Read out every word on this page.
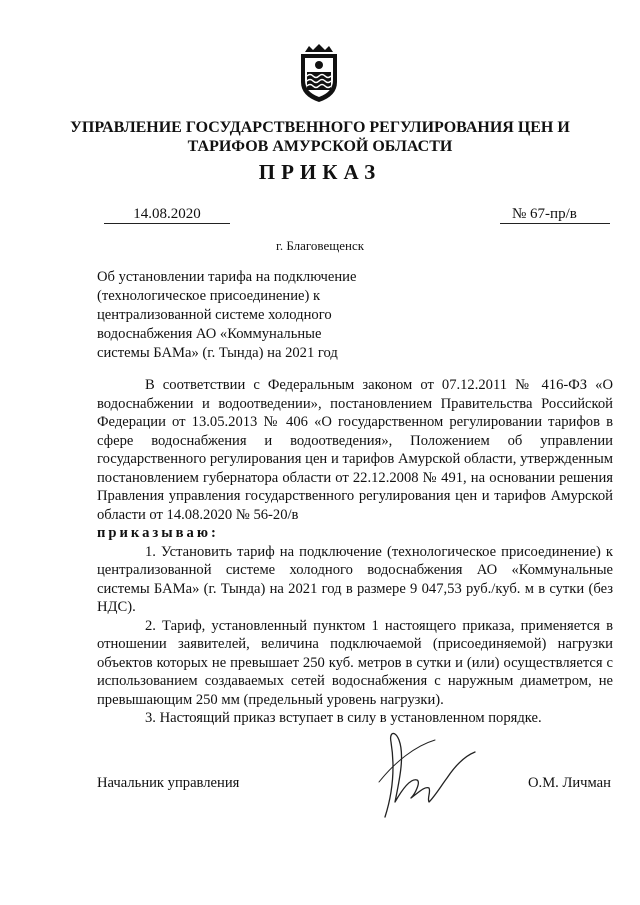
УПРАВЛЕНИЕ ГОСУДАРСТВЕННОГО РЕГУЛИРОВАНИЯ ЦЕН И
ТАРИФОВ АМУРСКОЙ ОБЛАСТИ
ПРИКАЗ
14.08.2020	№ 67-пр/в
г. Благовещенск
Об установлении тарифа на подключение
(технологическое присоединение) к
централизованной системе холодного
водоснабжения АО «Коммунальные
системы БАМа» (г. Тында) на 2021 год

В соответствии с Федеральным законом от 07.12.2011 № 416-ФЗ «О водоснабжении и водоотведении», постановлением Правительства Российской Федерации от 13.05.2013 № 406 «О государственном регулировании тарифов в сфере водоснабжения и водоотведения», Положением об управлении государственного регулирования цен и тарифов Амурской области, утвержденным постановлением губернатора области от 22.12.2008 № 491, на основании решения Правления управления государственного регулирования цен и тарифов Амурской области от 14.08.2020 № 56-20/в

приказываю:

1. Установить тариф на подключение (технологическое присоединение) к централизованной системе холодного водоснабжения АО «Коммунальные системы БАМа» (г. Тында) на 2021 год в размере 9 047,53 руб./куб. м в сутки (без НДС).

2. Тариф, установленный пунктом 1 настоящего приказа, применяется в отношении заявителей, величина подключаемой (присоединяемой) нагрузки объектов которых не превышает 250 куб. метров в сутки и (или) осуществляется с использованием создаваемых сетей водоснабжения с наружным диаметром, не превышающим 250 мм (предельный уровень нагрузки).

3. Настоящий приказ вступает в силу в установленном порядке.

Начальник управления	О.М. Личман
